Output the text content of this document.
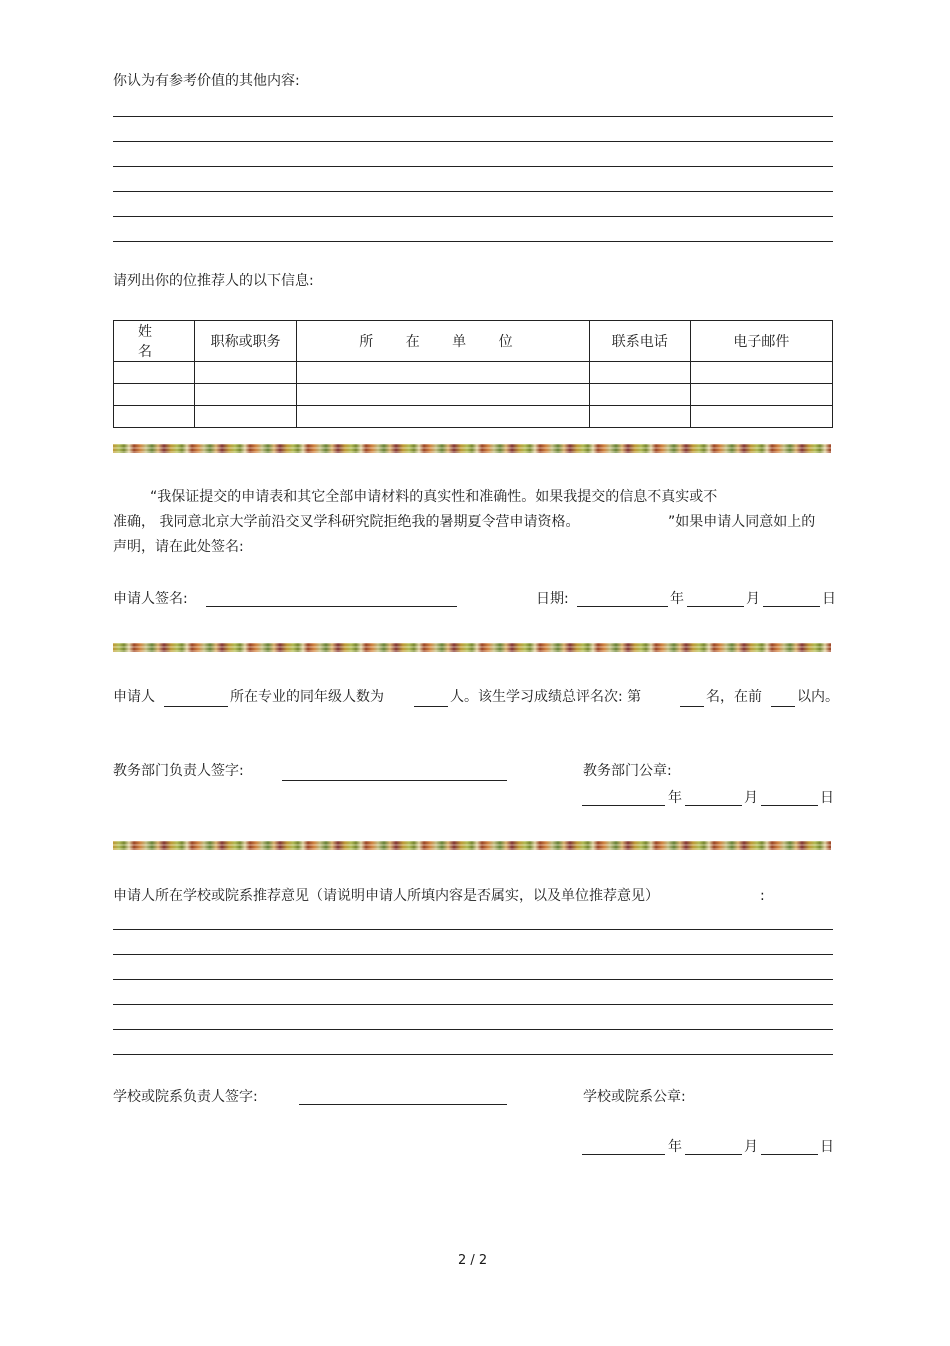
你认为有参考价值的其他内容:
请列出你的位推荐人的以下信息:
姓 名	职称或职务	所 在 单 位	联系电话	电子邮件

“我保证提交的申请表和其它全部申请材料的真实性和准确性。如果我提交的信息不真实或不
准确， 我同意北京大学前沿交叉学科研究院拒绝我的暑期夏令营申请资格。	”如果申请人同意如上的
声明，请在此处签名:
申请人签名:	日期:	年	月	日
申请人	所在专业的同年级人数为	人。该生学习成绩总评名次: 第	名，在前	以内。
教务部门负责人签字:	教务部门公章:
年	月	日
申请人所在学校或院系推荐意见（请说明申请人所填内容是否属实，以及单位推荐意见）	:
学校或院系负责人签字:	学校或院系公章:
年	月	日
2 / 2
